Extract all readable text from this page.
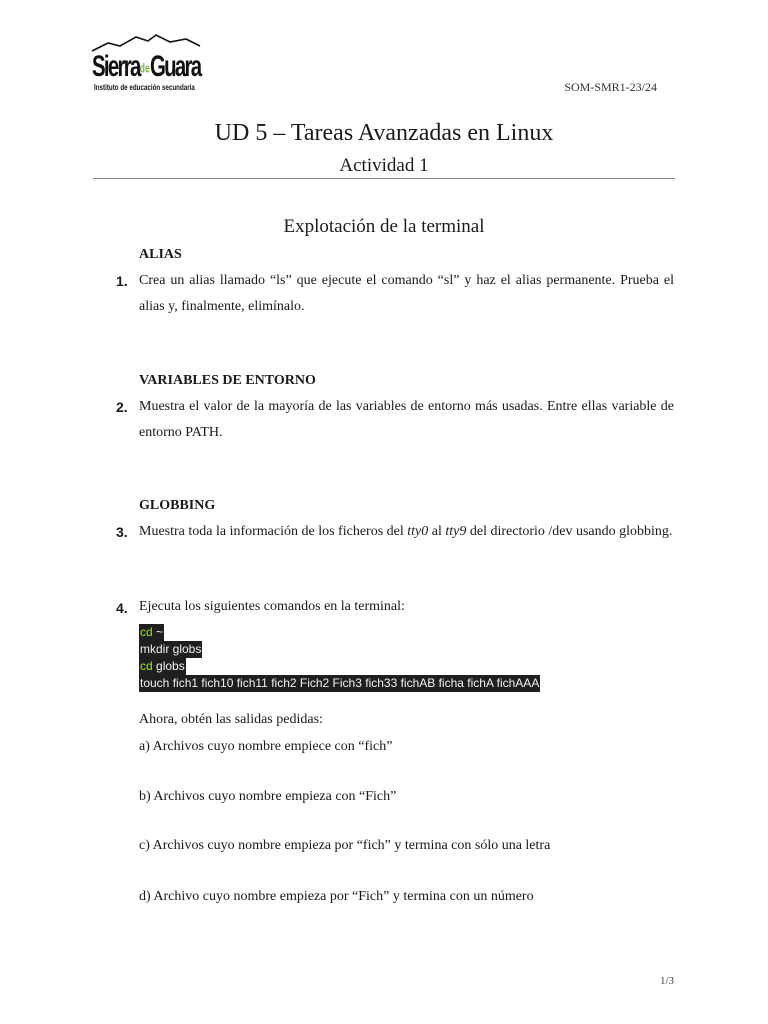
SierradeGuara
Instituto de educación secundaria	SOM-SMR1-23/24
UD 5 – Tareas Avanzadas en Linux
Actividad 1
Explotación de la terminal
ALIAS
1. Crea un alias llamado “ls” que ejecute el comando “sl” y haz el alias permanente. Prueba el alias y, finalmente, elimínalo.
VARIABLES DE ENTORNO
2. Muestra el valor de la mayoría de las variables de entorno más usadas. Entre ellas variable de entorno PATH.
GLOBBING
3. Muestra toda la información de los ficheros del tty0 al tty9 del directorio /dev usando globbing.
4. Ejecuta los siguientes comandos en la terminal:
cd ~
mkdir globs
cd globs
touch fich1 fich10 fich11 fich2 Fich2 Fich3 fich33 fichAB ficha fichA fichAAA
Ahora, obtén las salidas pedidas:
a) Archivos cuyo nombre empiece con “fich”
b) Archivos cuyo nombre empieza con “Fich”
c) Archivos cuyo nombre empieza por “fich” y termina con sólo una letra
d) Archivo cuyo nombre empieza por “Fich” y termina con un número
1/3
